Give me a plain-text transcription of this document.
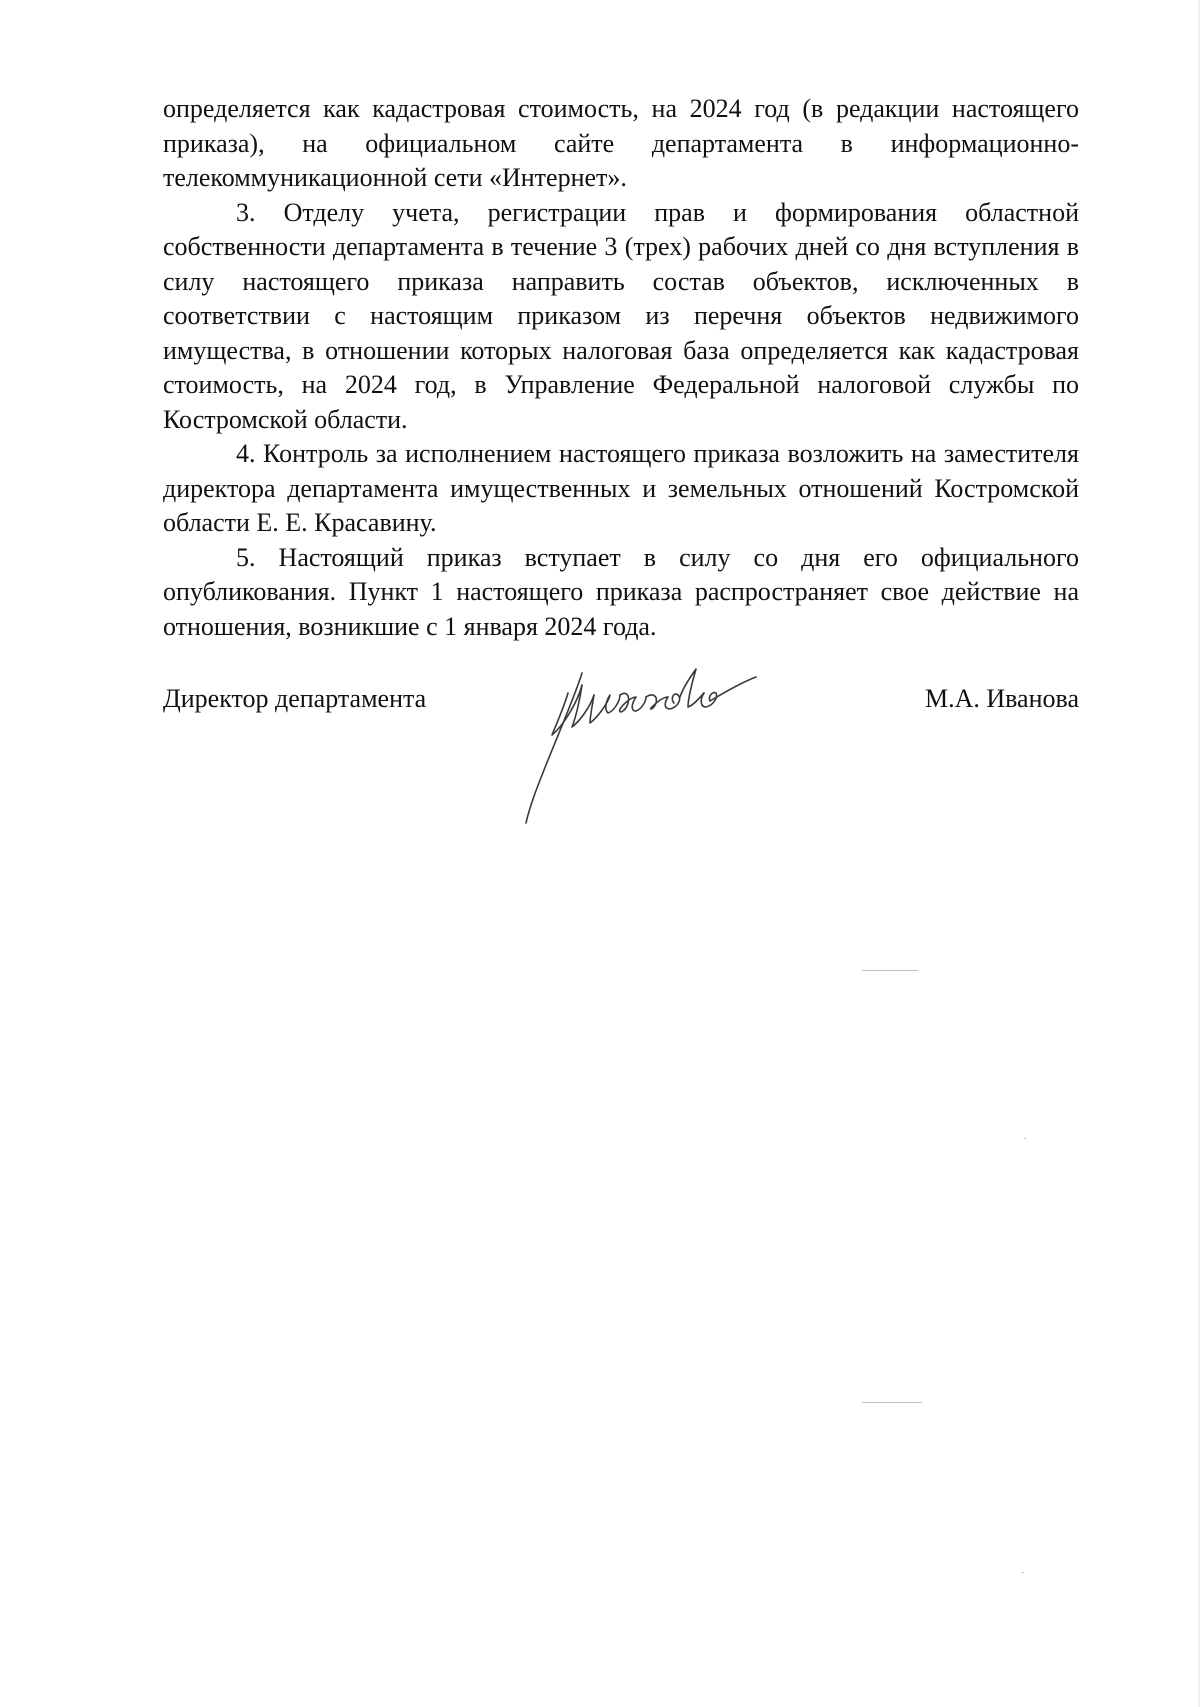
определяется как кадастровая стоимость, на 2024 год (в редакции настоящего приказа), на официальном сайте департамента в информационно-телекоммуникационной сети «Интернет».

3. Отделу учета, регистрации прав и формирования областной собственности департамента в течение 3 (трех) рабочих дней со дня вступления в силу настоящего приказа направить состав объектов, исключенных в соответствии с настоящим приказом из перечня объектов недвижимого имущества, в отношении которых налоговая база определяется как кадастровая стоимость, на 2024 год, в Управление Федеральной налоговой службы по Костромской области.

4. Контроль за исполнением настоящего приказа возложить на заместителя директора департамента имущественных и земельных отношений Костромской области Е. Е. Красавину.

5. Настоящий приказ вступает в силу со дня его официального опубликования. Пункт 1 настоящего приказа распространяет свое действие на отношения, возникшие с 1 января 2024 года.

Директор департамента	М.А. Иванова
